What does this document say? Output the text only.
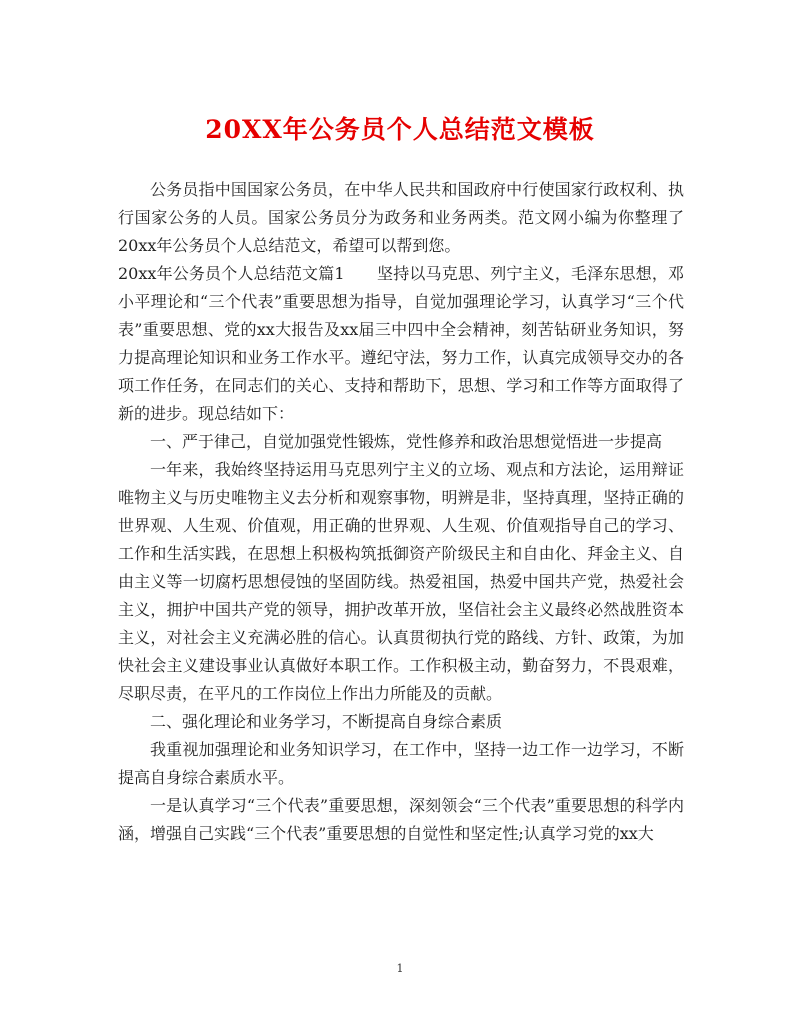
20XX年公务员个人总结范文模板

公务员指中国国家公务员，在中华人民共和国政府中行使国家行政权利、执行国家公务的人员。国家公务员分为政务和业务两类。范文网小编为你整理了20xx年公务员个人总结范文，希望可以帮到您。

20xx年公务员个人总结范文篇1　　坚持以马克思、列宁主义，毛泽东思想，邓小平理论和“三个代表”重要思想为指导，自觉加强理论学习，认真学习“三个代表”重要思想、党的xx大报告及xx届三中四中全会精神，刻苦钻研业务知识，努力提高理论知识和业务工作水平。遵纪守法，努力工作，认真完成领导交办的各项工作任务，在同志们的关心、支持和帮助下，思想、学习和工作等方面取得了新的进步。现总结如下：

一、严于律己，自觉加强党性锻炼，党性修养和政治思想觉悟进一步提高

一年来，我始终坚持运用马克思列宁主义的立场、观点和方法论，运用辩证唯物主义与历史唯物主义去分析和观察事物，明辨是非，坚持真理，坚持正确的世界观、人生观、价值观，用正确的世界观、人生观、价值观指导自己的学习、工作和生活实践，在思想上积极构筑抵御资产阶级民主和自由化、拜金主义、自由主义等一切腐朽思想侵蚀的坚固防线。热爱祖国，热爱中国共产党，热爱社会主义，拥护中国共产党的领导，拥护改革开放，坚信社会主义最终必然战胜资本主义，对社会主义充满必胜的信心。认真贯彻执行党的路线、方针、政策，为加快社会主义建设事业认真做好本职工作。工作积极主动，勤奋努力，不畏艰难，尽职尽责，在平凡的工作岗位上作出力所能及的贡献。

二、强化理论和业务学习，不断提高自身综合素质

我重视加强理论和业务知识学习，在工作中，坚持一边工作一边学习，不断提高自身综合素质水平。

一是认真学习“三个代表”重要思想，深刻领会“三个代表”重要思想的科学内涵，增强自己实践“三个代表”重要思想的自觉性和坚定性;认真学习党的xx大

1
